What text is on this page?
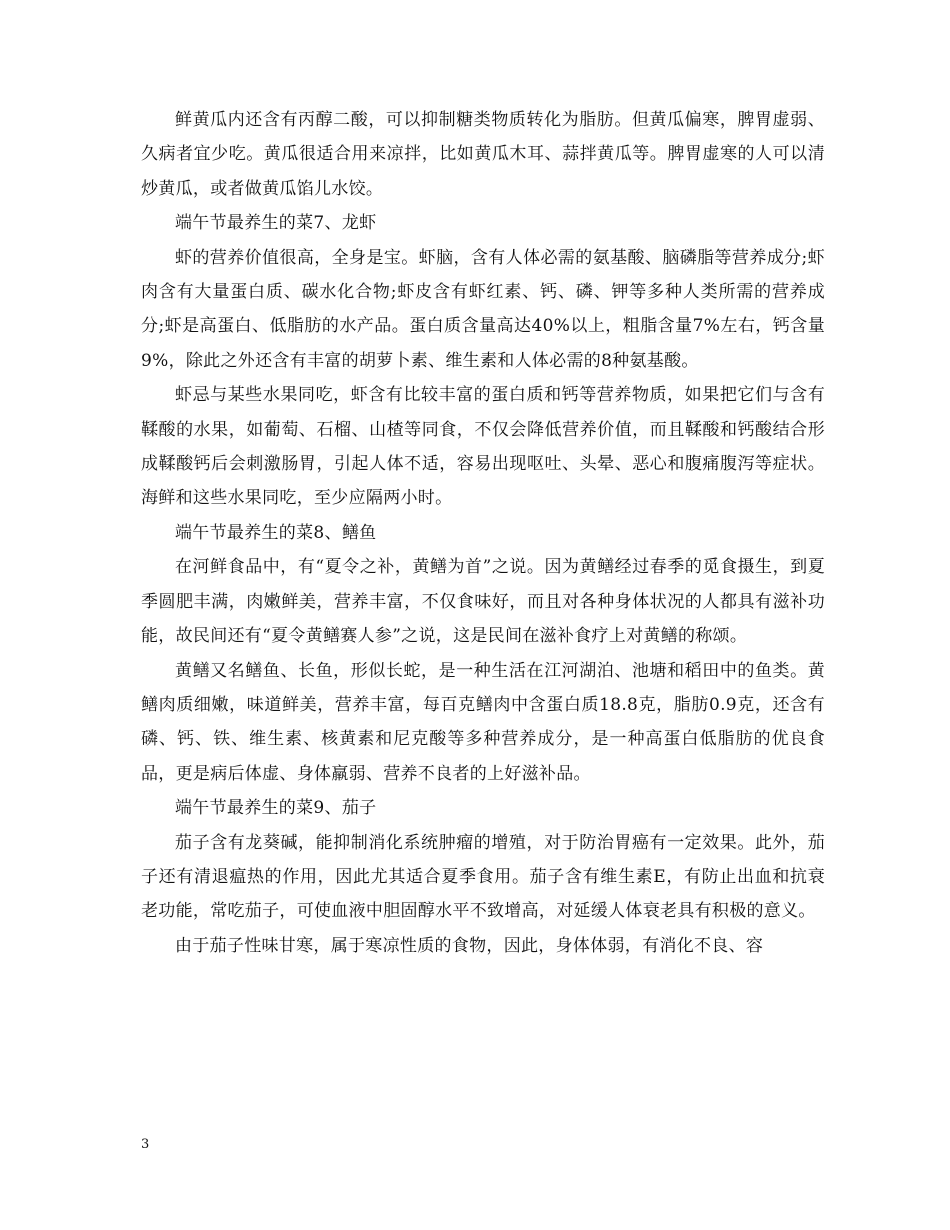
鲜黄瓜内还含有丙醇二酸，可以抑制糖类物质转化为脂肪。但黄瓜偏寒，脾胃虚弱、久病者宜少吃。黄瓜很适合用来凉拌，比如黄瓜木耳、蒜拌黄瓜等。脾胃虚寒的人可以清炒黄瓜，或者做黄瓜馅儿水饺。

端午节最养生的菜7、龙虾

虾的营养价值很高，全身是宝。虾脑，含有人体必需的氨基酸、脑磷脂等营养成分;虾肉含有大量蛋白质、碳水化合物;虾皮含有虾红素、钙、磷、钾等多种人类所需的营养成分;虾是高蛋白、低脂肪的水产品。蛋白质含量高达40%以上，粗脂含量7%左右，钙含量9%，除此之外还含有丰富的胡萝卜素、维生素和人体必需的8种氨基酸。

虾忌与某些水果同吃，虾含有比较丰富的蛋白质和钙等营养物质，如果把它们与含有鞣酸的水果，如葡萄、石榴、山楂等同食，不仅会降低营养价值，而且鞣酸和钙酸结合形成鞣酸钙后会刺激肠胃，引起人体不适，容易出现呕吐、头晕、恶心和腹痛腹泻等症状。海鲜和这些水果同吃，至少应隔两小时。

端午节最养生的菜8、鳝鱼

在河鲜食品中，有“夏令之补，黄鳝为首”之说。因为黄鳝经过春季的觅食摄生，到夏季圆肥丰满，肉嫩鲜美，营养丰富，不仅食味好，而且对各种身体状况的人都具有滋补功能，故民间还有“夏令黄鳝赛人参”之说，这是民间在滋补食疗上对黄鳝的称颂。

黄鳝又名鳝鱼、长鱼，形似长蛇，是一种生活在江河湖泊、池塘和稻田中的鱼类。黄鳝肉质细嫩，味道鲜美，营养丰富，每百克鳝肉中含蛋白质18.8克，脂肪0.9克，还含有磷、钙、铁、维生素、核黄素和尼克酸等多种营养成分，是一种高蛋白低脂肪的优良食品，更是病后体虚、身体羸弱、营养不良者的上好滋补品。

端午节最养生的菜9、茄子

茄子含有龙葵碱，能抑制消化系统肿瘤的增殖，对于防治胃癌有一定效果。此外，茄子还有清退瘟热的作用，因此尤其适合夏季食用。茄子含有维生素E，有防止出血和抗衰老功能，常吃茄子，可使血液中胆固醇水平不致增高，对延缓人体衰老具有积极的意义。

由于茄子性味甘寒，属于寒凉性质的食物，因此，身体体弱，有消化不良、容

3
